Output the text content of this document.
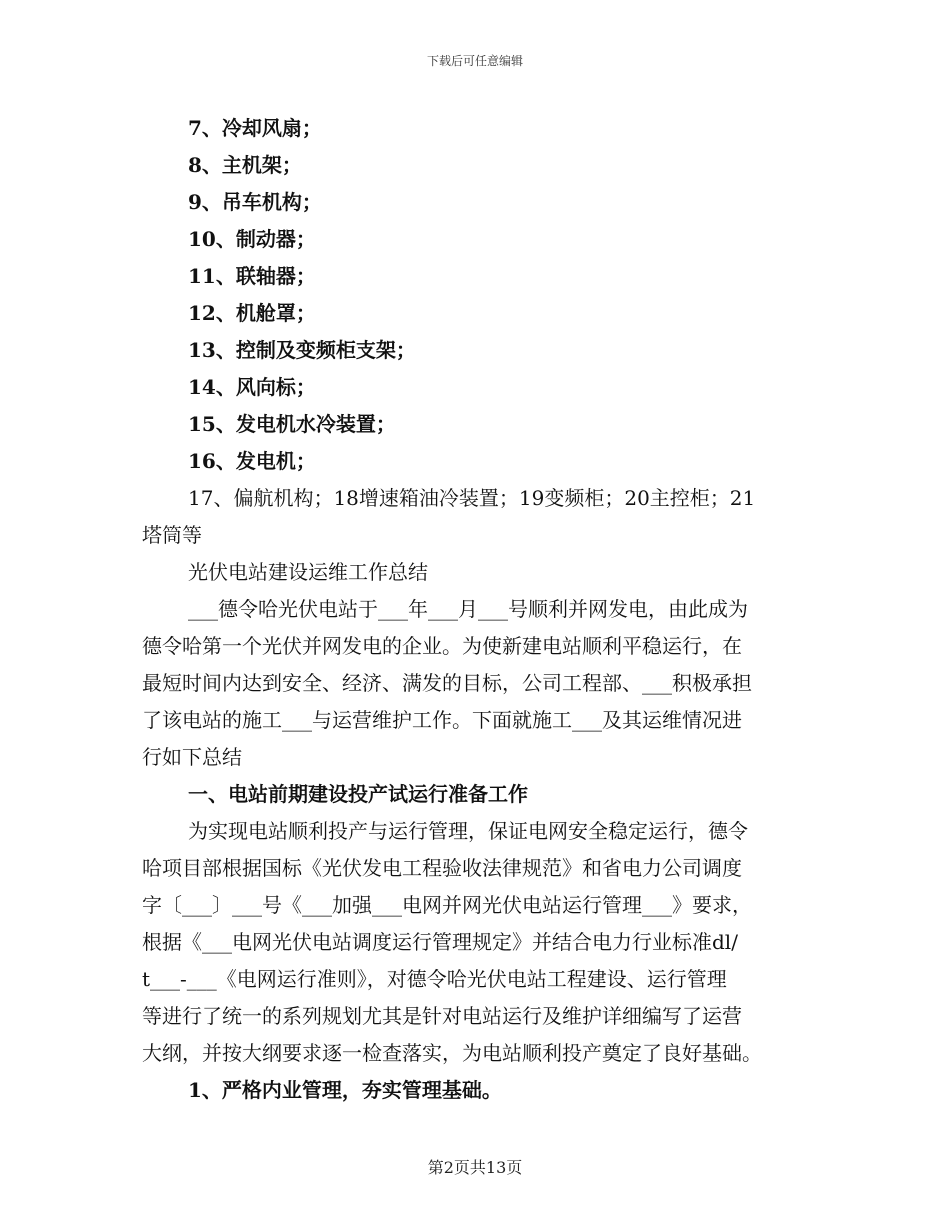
下载后可任意编辑
7、冷却风扇；
8、主机架；
9、吊车机构；
10、制动器；
11、联轴器；
12、机舱罩；
13、控制及变频柜支架；
14、风向标；
15、发电机水冷装置；
16、发电机；
17、偏航机构；18增速箱油冷装置；19变频柜；20主控柜；21
塔筒等
光伏电站建设运维工作总结
___德令哈光伏电站于___年___月___号顺利并网发电，由此成为
德令哈第一个光伏并网发电的企业。为使新建电站顺利平稳运行，在
最短时间内达到安全、经济、满发的目标，公司工程部、___积极承担
了该电站的施工___与运营维护工作。下面就施工___及其运维情况进
行如下总结
一、电站前期建设投产试运行准备工作
为实现电站顺利投产与运行管理，保证电网安全稳定运行，德令
哈项目部根据国标《光伏发电工程验收法律规范》和省电力公司调度
字〔___〕___号《___加强___电网并网光伏电站运行管理___》要求，
根据《___电网光伏电站调度运行管理规定》并结合电力行业标准dl/
t___-___《电网运行准则》，对德令哈光伏电站工程建设、运行管理
等进行了统一的系列规划尤其是针对电站运行及维护详细编写了运营
大纲，并按大纲要求逐一检查落实，为电站顺利投产奠定了良好基础。
1、严格内业管理，夯实管理基础。
第2页共13页
